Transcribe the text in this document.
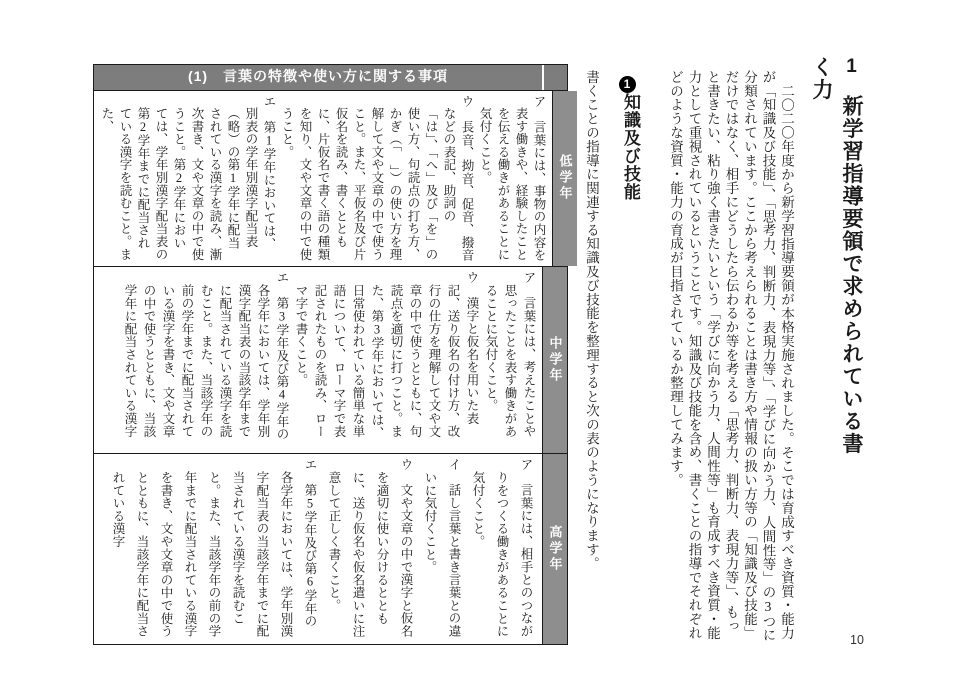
1新学習指導要領で求められている書く力
二〇二〇年度から新学習指導要領が本格実施されました。そこでは育成すべき資質・能力が「知識及び技能」、「思考力、判断力、表現力等」、「学びに向かう力、人間性等」の3つに分類されています。ここから考えられることは書き方や情報の扱い方等の「知識及び技能」だけではなく、相手にどうしたら伝わるか等を考える「思考力、判断力、表現力等」、もっと書きたい、粘り強く書きたいという「学びに向かう力、人間性等」も育成すべき資質・能力として重視されているということです。知識及び技能を含め、書くことの指導でそれぞれどのような資質・能力の育成が目指されているか整理してみます。
1知識及び技能
書くことの指導に関連する知識及び技能を整理すると次の表のようになります。
(1)　言葉の特徴や使い方に関する事項

ア　言葉には、事物の内容を表す働きや、経験したことを伝える働きがあることに気付くこと。

ウ　長音、拗音、促音、撥音などの表記、助詞の「は」、「へ」及び「を」の使い方、句読点の打ち方、かぎ（「　」）の使い方を理解して文や文章の中で使うこと。また、平仮名及び片仮名を読み、書くとともに、片仮名で書く語の種類を知り、文や文章の中で使うこと。

エ　第1学年においては、別表の学年別漢字配当表（略）の第1学年に配当されている漢字を読み、漸次書き、文や文章の中で使うこと。第2学年においては、学年別漢字配当表の第2学年までに配当されている漢字を読むこと。また、

低学年

ア　言葉には、考えたことや思ったことを表す働きがあることに気付くこと。

ウ　漢字と仮名を用いた表記、送り仮名の付け方、改行の仕方を理解して文や文章の中で使うとともに、句読点を適切に打つこと。また、第3学年においては、日常使われている簡単な単語について、ローマ字で表記されたものを読み、ローマ字で書くこと。

エ　第3学年及び第4学年の各学年においては、学年別漢字配当表の当該学年までに配当されている漢字を読むこと。また、当該学年の前の学年までに配当されている漢字を書き、文や文章の中で使うとともに、当該学年に配当されている漢字	中学年

ア　言葉には、相手とのつながりをつくる働きがあることに気付くこと。

イ　話し言葉と書き言葉との違いに気付くこと。

ウ　文や文章の中で漢字と仮名を適切に使い分けるとともに、送り仮名や仮名遣いに注意して正しく書くこと。

エ　第5学年及び第6学年の各学年においては、学年別漢字配当表の当該学年までに配当されている漢字を読むこと。また、当該学年の前の学年までに配当されている漢字を書き、文や文章の中で使うとともに、当該学年に配当されている漢字

高学年
10
